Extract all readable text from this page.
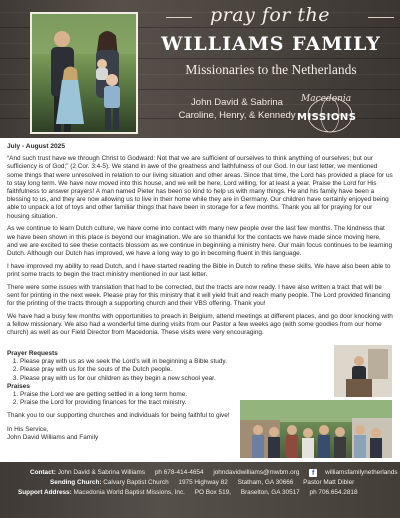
pray for the
WILLIAMS FAMILY
Missionaries to the Netherlands
John David & Sabrina
Caroline, Henry, & Kennedy
Macedonia
MISSIONS
July - August 2025

“And such trust have we through Christ to Godward: Not that we are sufficient of ourselves to think anything of ourselves; but our sufficiency is of God;” (2 Cor. 3:4-5). We stand in awe of the greatness and faithfulness of our God. In our last letter, we mentioned some things that were unresolved in relation to our living situation and other areas. Since that time, the Lord has provided a place for us to stay long term. We have now moved into this house, and we will be here, Lord willing, for at least a year. Praise the Lord for His faithfulness to answer prayers! A man named Pieter has been so kind to help us with many things. He and his family have been a blessing to us, and they are now allowing us to live in their home while they are in Germany. Our children have certainly enjoyed being able to unpack a lot of toys and other familiar things that have been in storage for a few months. Thank you all for praying for our housing situation.

As we continue to learn Dutch culture, we have come into contact with many new people over the last few months. The kindness that we have been shown in this place is beyond our imagination. We are so thankful for the contacts we have made since moving here, and we are excited to see these contacts blossom as we continue in beginning a ministry here. Our main focus continues to be learning Dutch. Although our Dutch has improved, we have a long way to go in becoming fluent in this language.

I have improved my ability to read Dutch, and I have started reading the Bible in Dutch to refine these skills. We have also been able to print some tracts to begin the tract ministry mentioned in our last letter.

There were some issues with translation that had to be corrected, but the tracts are now ready. I have also written a tract that will be sent for printing in the next week. Please pray for this ministry that it will yield fruit and reach many people. The Lord provided financing for the printing of the tracts through a supporting church and their VBS offering. Thank you!

We have had a busy few months with opportunities to preach in Belgium, attend meetings at different places, and go door knocking with a fellow missionary. We also had a wonderful time during visits from our Pastor a few weeks ago (with some goodies from our home church) as well as our Field Director from Macedonia. These visits were very encouraging.

Prayer Requests
1. Please pray with us as we seek the Lord’s will in beginning a Bible study.
2. Please pray with us for the souls of the Dutch people.
3. Please pray with us for our children as they begin a new school year.
Praises
1. Praise the Lord we are getting settled in a long term home.
2. Praise the Lord for providing finances for the tract ministry.
Thank you to our supporting churches and individuals for being faithful to give!
In His Service,
John David Williams and Family
Contact: John David & Sabrina Williams ph 678-414-4654 johndavidwilliams@mwbm.org f williamsfamilynetherlands
Sending Church: Calvary Baptist Church 1975 Highway 82 Statham, GA 30666 Pastor Matt Dibler
Support Address: Macedonia World Baptist Missions, Inc. PO Box 519, Braselton, GA 30517 ph 706.654.2818
